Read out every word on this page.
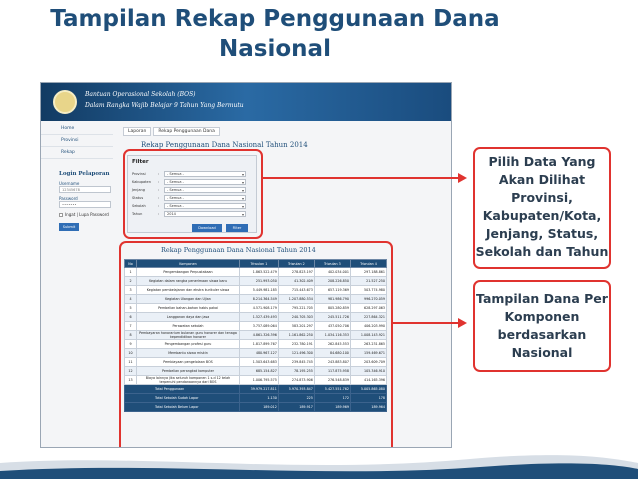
Tampilan Rekap Penggunaan Dana Nasional
Bantuan Operasional Sekolah (BOS)
Dalam Rangka Wajib Belajar 9 Tahun Yang Bermutu
Home
Provinsi
Rekap
Login Pelaporan
Username
12345678
Password
•••••••
Ingat | Lupa Password
Submit
Laporan	Rekap Penggunaan Dana
Rekap Penggunaan Dana Nasional Tahun 2014
Filter
Provinsi	:	- Semua - ▾
Kabupaten	:	- Semua - ▾
Jenjang	:	- Semua - ▾
Status	:	- Semua - ▾
Sekolah	:	- Semua - ▾
Tahun	:	2014 ▾
Download	Filter
Rekap Penggunaan Dana Nasional Tahun 2014
No	Komponen	Triwulan 1	Triwulan 2	Triwulan 3	Triwulan 4
1	Pengembangan Perpustakaan	1.863.522.479	278.823.197	402.034.001	297.188.861
2	Kegiatan dalam rangka penerimaan siswa baru	251.993.050	41.302.409	208.226.850	21.527.250
3	Kegiatan pembelajaran dan ekstra kurikuler siswa	5.449.981.185	715.443.673	657.119.369	503.774.980
4	Kegiatan Ulangan dan Ujian	8.214.364.549	1.207.880.534	981.986.790	996.270.059
5	Pembelian bahan-bahan habis pakai	4.571.908.179	795.221.705	805.280.859	628.297.063
6	Langganan daya dan jasa	1.527.439.493	240.705.303	245.511.726	227.864.321
7	Perawatan sekolah	3.757.089.064	583.201.297	437.050.706	406.203.990
8	Pembayaran honorarium bulanan guru honorer dan tenaga kependidikan honorer	4.861.326.396	1.161.862.250	1.034.116.353	1.008.143.921
9	Pengembangan profesi guru	1.817.899.767	232.780.191	262.845.553	263.231.865
10	Membantu siswa miskin	480.967.127	121.496.300	84.680.100	159.469.671
11	Pembiayaan pengelolaan BOS	1.503.643.683	239.845.745	243.883.807	203.609.709
12	Pembelian perangkat komputer	685.154.827	78.195.255	117.875.958	105.346.910
13	Biaya lainnya jika seluruh komponen 1 s.d 12 telah terpenuhi pendanaannya dari BOS	1.006.795.575	274.873.906	276.548.839	414.165.396
Total Penggunaan		39.979.217.811	5.970.393.847	5.427.551.762	5.005.865.080
Total Sekolah Sudah Lapor		1.130	225	172	178
Total Sekolah Belum Lapor		189.012	189.917	189.969	189.964
Pilih Data Yang Akan Dilihat Provinsi, Kabupaten/Kota, Jenjang, Status, Sekolah dan Tahun
Tampilan Dana Per Komponen berdasarkan Nasional
